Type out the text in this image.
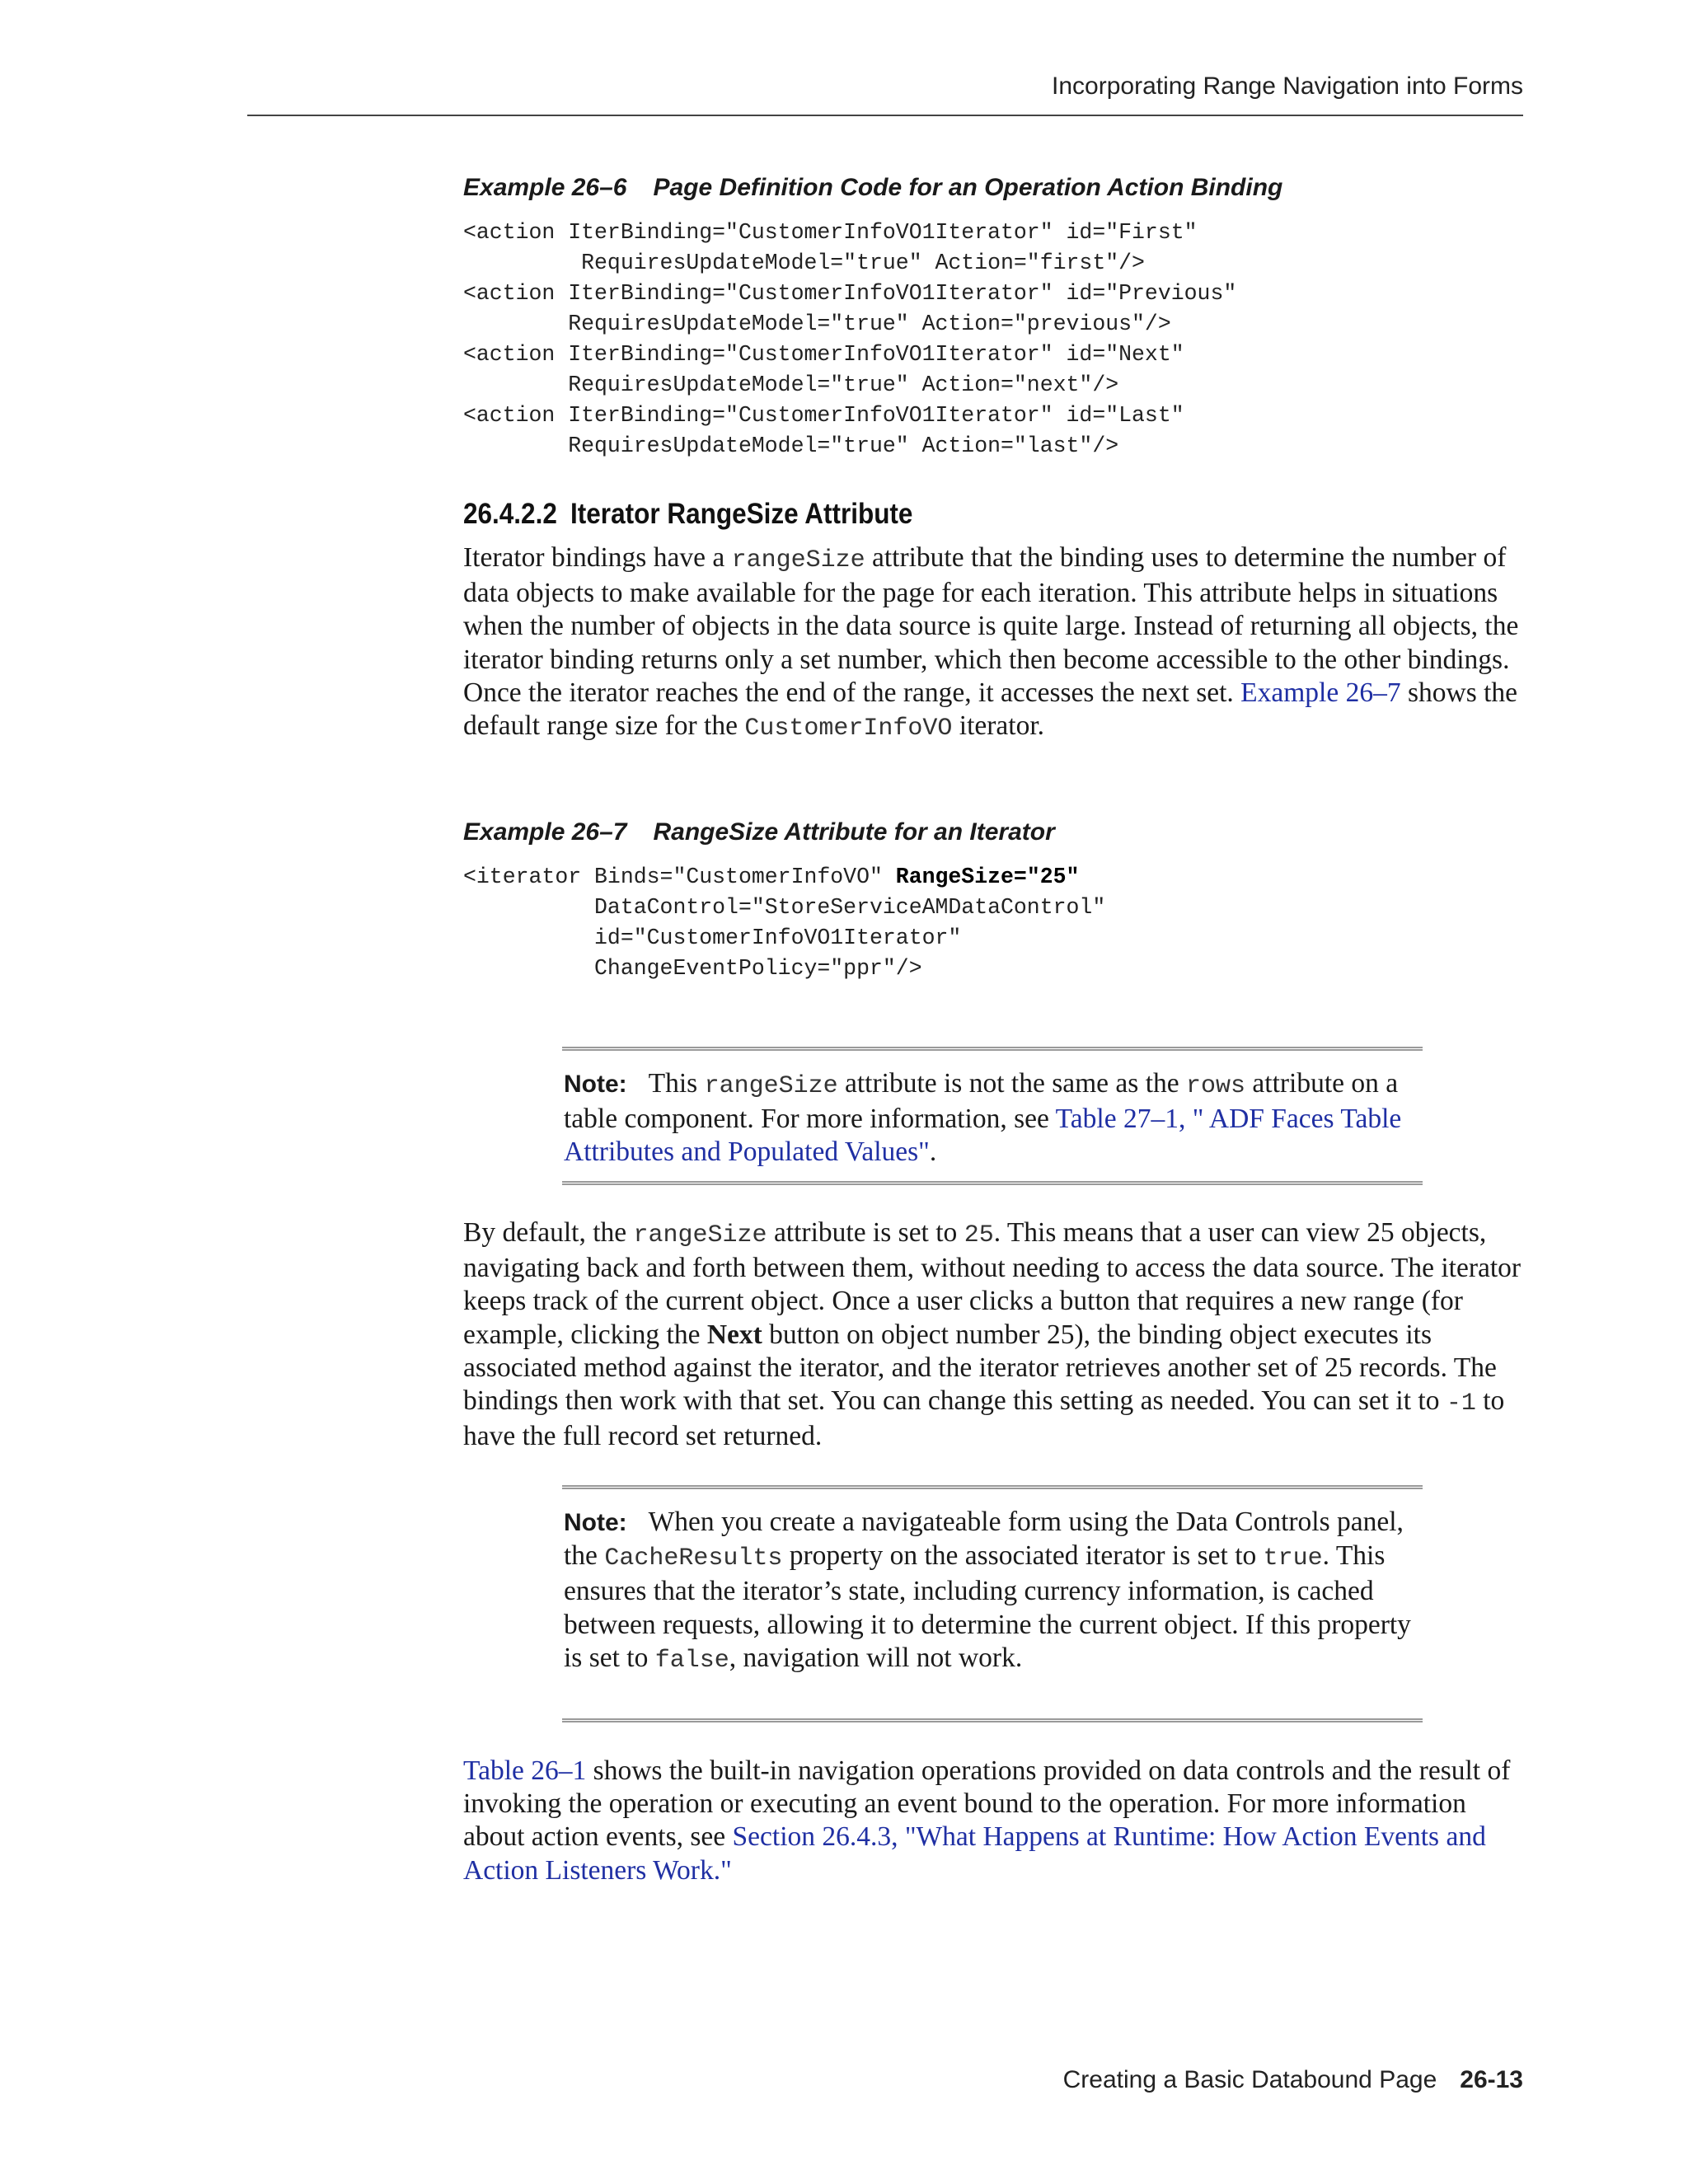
Incorporating Range Navigation into Forms
Example 26–6 Page Definition Code for an Operation Action Binding
<action IterBinding="CustomerInfoVO1Iterator" id="First"
RequiresUpdateModel="true" Action="first"/>
<action IterBinding="CustomerInfoVO1Iterator" id="Previous"
RequiresUpdateModel="true" Action="previous"/>
<action IterBinding="CustomerInfoVO1Iterator" id="Next"
RequiresUpdateModel="true" Action="next"/>
<action IterBinding="CustomerInfoVO1Iterator" id="Last"
RequiresUpdateModel="true" Action="last"/>
26.4.2.2 Iterator RangeSize Attribute

Iterator bindings have a rangeSize attribute that the binding uses to determine the number of data objects to make available for the page for each iteration. This attribute helps in situations when the number of objects in the data source is quite large. Instead of returning all objects, the iterator binding returns only a set number, which then become accessible to the other bindings. Once the iterator reaches the end of the range, it accesses the next set. Example 26–7 shows the default range size for the CustomerInfoVO iterator.

Example 26–7 RangeSize Attribute for an Iterator
<iterator Binds="CustomerInfoVO" RangeSize="25"
DataControl="StoreServiceAMDataControl"
id="CustomerInfoVO1Iterator"
ChangeEventPolicy="ppr"/>

Note: This rangeSize attribute is not the same as the rows attribute on a table component. For more information, see Table 27–1, " ADF Faces Table Attributes and Populated Values".

By default, the rangeSize attribute is set to 25. This means that a user can view 25 objects, navigating back and forth between them, without needing to access the data source. The iterator keeps track of the current object. Once a user clicks a button that requires a new range (for example, clicking the Next button on object number 25), the binding object executes its associated method against the iterator, and the iterator retrieves another set of 25 records. The bindings then work with that set. You can change this setting as needed. You can set it to -1 to have the full record set returned.

Note: When you create a navigateable form using the Data Controls panel, the CacheResults property on the associated iterator is set to true. This ensures that the iterator’s state, including currency information, is cached between requests, allowing it to determine the current object. If this property is set to false, navigation will not work.

Table 26–1 shows the built-in navigation operations provided on data controls and the result of invoking the operation or executing an event bound to the operation. For more information about action events, see Section 26.4.3, "What Happens at Runtime: How Action Events and Action Listeners Work."

Creating a Basic Databound Page 26-13
